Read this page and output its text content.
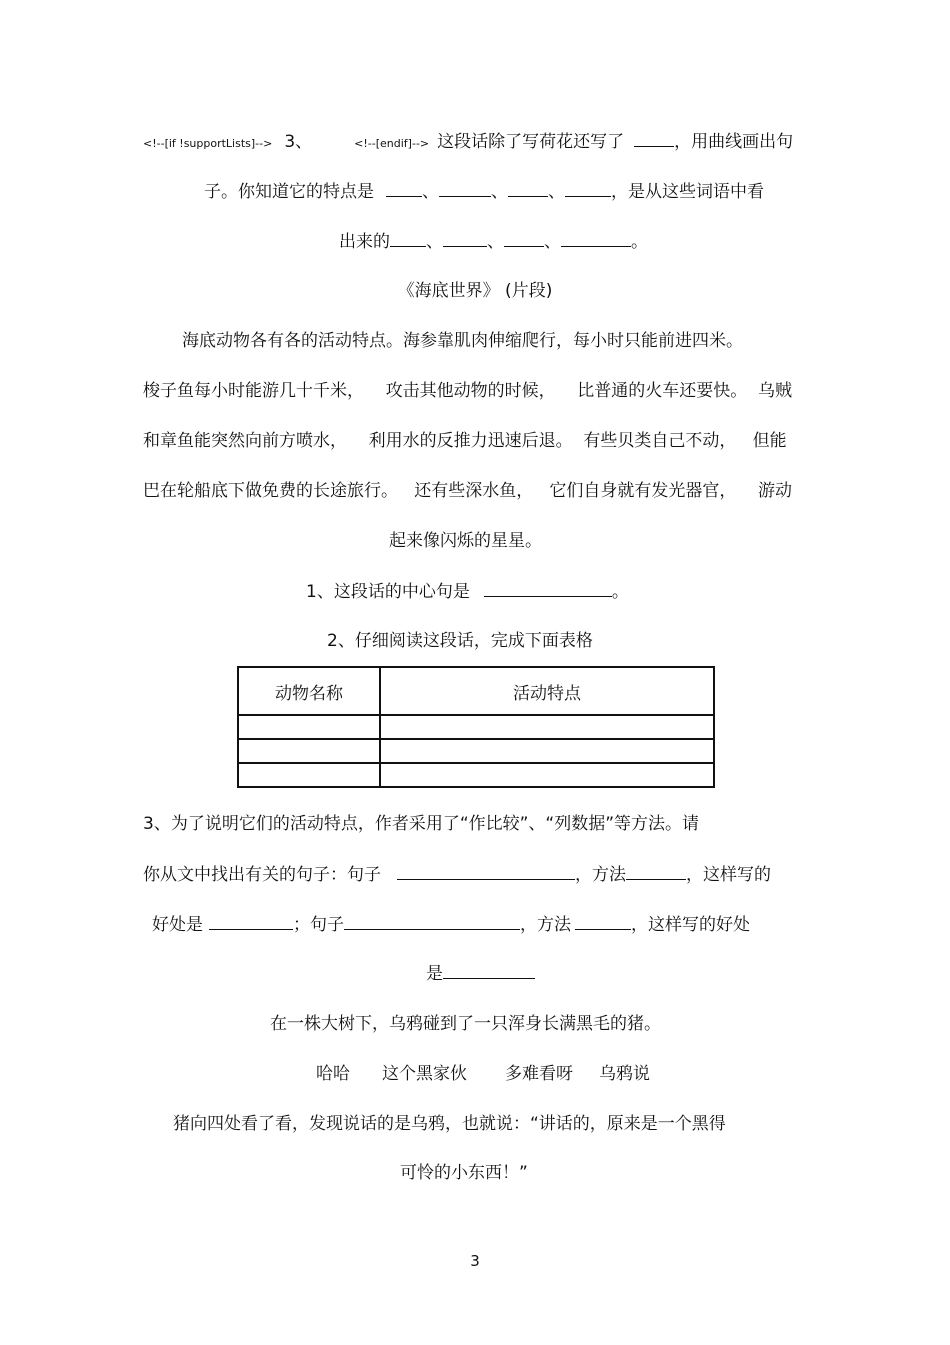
<!--[if !supportLists]--> 3、	<!--[endif]--> 这段话除了写荷花还写了	，用曲线画出句
子。你知道它的特点是	、	、 、	，是从这些词语中看
出来的 、	、 、	。
《海底世界》 (片段)
海底动物各有各的活动特点。海参靠肌肉伸缩爬行，每小时只能前进四米。
梭子鱼每小时能游几十千米，    攻击其他动物的时候，    比普通的火车还要快。  乌贼
和章鱼能突然向前方喷水，    利用水的反推力迅速后退。  有些贝类自己不动，   但能
巴在轮船底下做免费的长途旅行。   还有些深水鱼，   它们自身就有发光器官，    游动
起来像闪烁的星星。
1、这段话的中心句是	。
2、仔细阅读这段话，完成下面表格
动物名称	活动特点

3、为了说明它们的活动特点，作者采用了“作比较”、“列数据”等方法。请
你从文中找出有关的句子：句子	，方法	，这样写的
好处是	；句子	，方法	，这样写的好处
是
在一株大树下，乌鸦碰到了一只浑身长满黑毛的猪。
哈哈 这个黑家伙 多难看呀 乌鸦说
猪向四处看了看，发现说话的是乌鸦，也就说：“讲话的，原来是一个黑得
可怜的小东西！”
3
